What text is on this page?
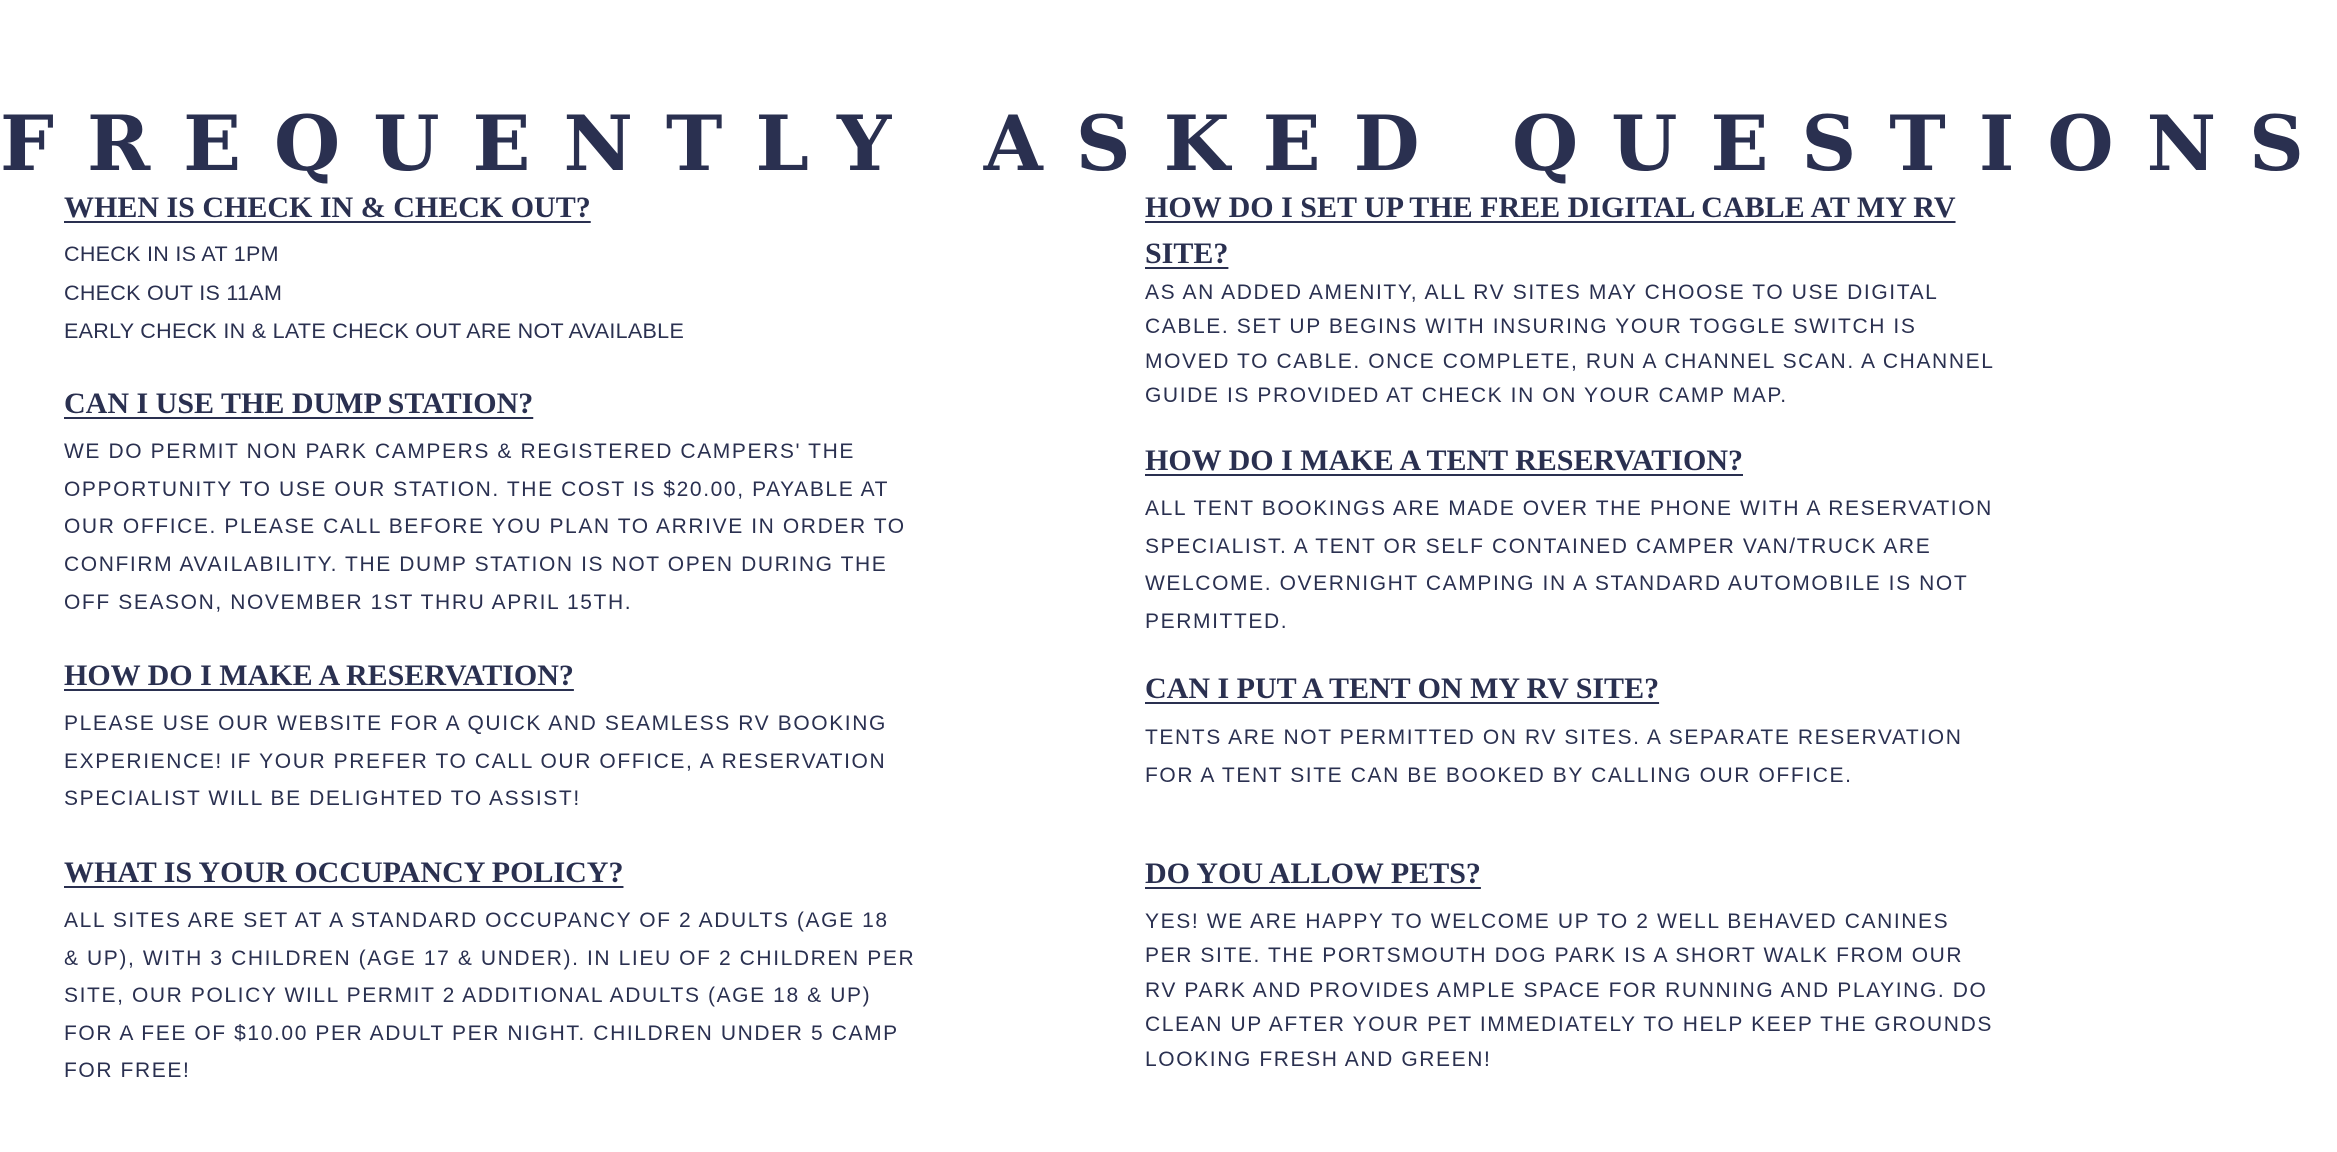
FREQUENTLY ASKED QUESTIONS
WHEN IS CHECK IN & CHECK OUT?
CHECK IN IS AT 1PM
CHECK OUT IS 11AM
EARLY CHECK IN & LATE CHECK OUT ARE NOT AVAILABLE
CAN I USE THE DUMP STATION?
WE DO PERMIT NON PARK CAMPERS & REGISTERED CAMPERS' THE
OPPORTUNITY TO USE OUR STATION. THE COST IS $20.00, PAYABLE AT
OUR OFFICE. PLEASE CALL BEFORE YOU PLAN TO ARRIVE IN ORDER TO
CONFIRM AVAILABILITY. THE DUMP STATION IS NOT OPEN DURING THE
OFF SEASON, NOVEMBER 1ST THRU APRIL 15TH.
HOW DO I MAKE A RESERVATION?
PLEASE USE OUR WEBSITE FOR A QUICK AND SEAMLESS RV BOOKING
EXPERIENCE! IF YOUR PREFER TO CALL OUR OFFICE, A RESERVATION
SPECIALIST WILL BE DELIGHTED TO ASSIST!
WHAT IS YOUR OCCUPANCY POLICY?
ALL SITES ARE SET AT A STANDARD OCCUPANCY OF 2 ADULTS (AGE 18
& UP), WITH 3 CHILDREN (AGE 17 & UNDER). IN LIEU OF 2 CHILDREN PER
SITE, OUR POLICY WILL PERMIT 2 ADDITIONAL ADULTS (AGE 18 & UP)
FOR A FEE OF $10.00 PER ADULT PER NIGHT. CHILDREN UNDER 5 CAMP
FOR FREE!
HOW DO I SET UP THE FREE DIGITAL CABLE AT MY RV
SITE?
AS AN ADDED AMENITY, ALL RV SITES MAY CHOOSE TO USE DIGITAL
CABLE. SET UP BEGINS WITH INSURING YOUR TOGGLE SWITCH IS
MOVED TO CABLE. ONCE COMPLETE, RUN A CHANNEL SCAN. A CHANNEL
GUIDE IS PROVIDED AT CHECK IN ON YOUR CAMP MAP.
HOW DO I MAKE A TENT RESERVATION?
ALL TENT BOOKINGS ARE MADE OVER THE PHONE WITH A RESERVATION
SPECIALIST. A TENT OR SELF CONTAINED CAMPER VAN/TRUCK ARE
WELCOME. OVERNIGHT CAMPING IN A STANDARD AUTOMOBILE IS NOT
PERMITTED.
CAN I PUT A TENT ON MY RV SITE?
TENTS ARE NOT PERMITTED ON RV SITES. A SEPARATE RESERVATION
FOR A TENT SITE CAN BE BOOKED BY CALLING OUR OFFICE.
DO YOU ALLOW PETS?
YES! WE ARE HAPPY TO WELCOME UP TO 2 WELL BEHAVED CANINES
PER SITE. THE PORTSMOUTH DOG PARK IS A SHORT WALK FROM OUR
RV PARK AND PROVIDES AMPLE SPACE FOR RUNNING AND PLAYING. DO
CLEAN UP AFTER YOUR PET IMMEDIATELY TO HELP KEEP THE GROUNDS
LOOKING FRESH AND GREEN!
